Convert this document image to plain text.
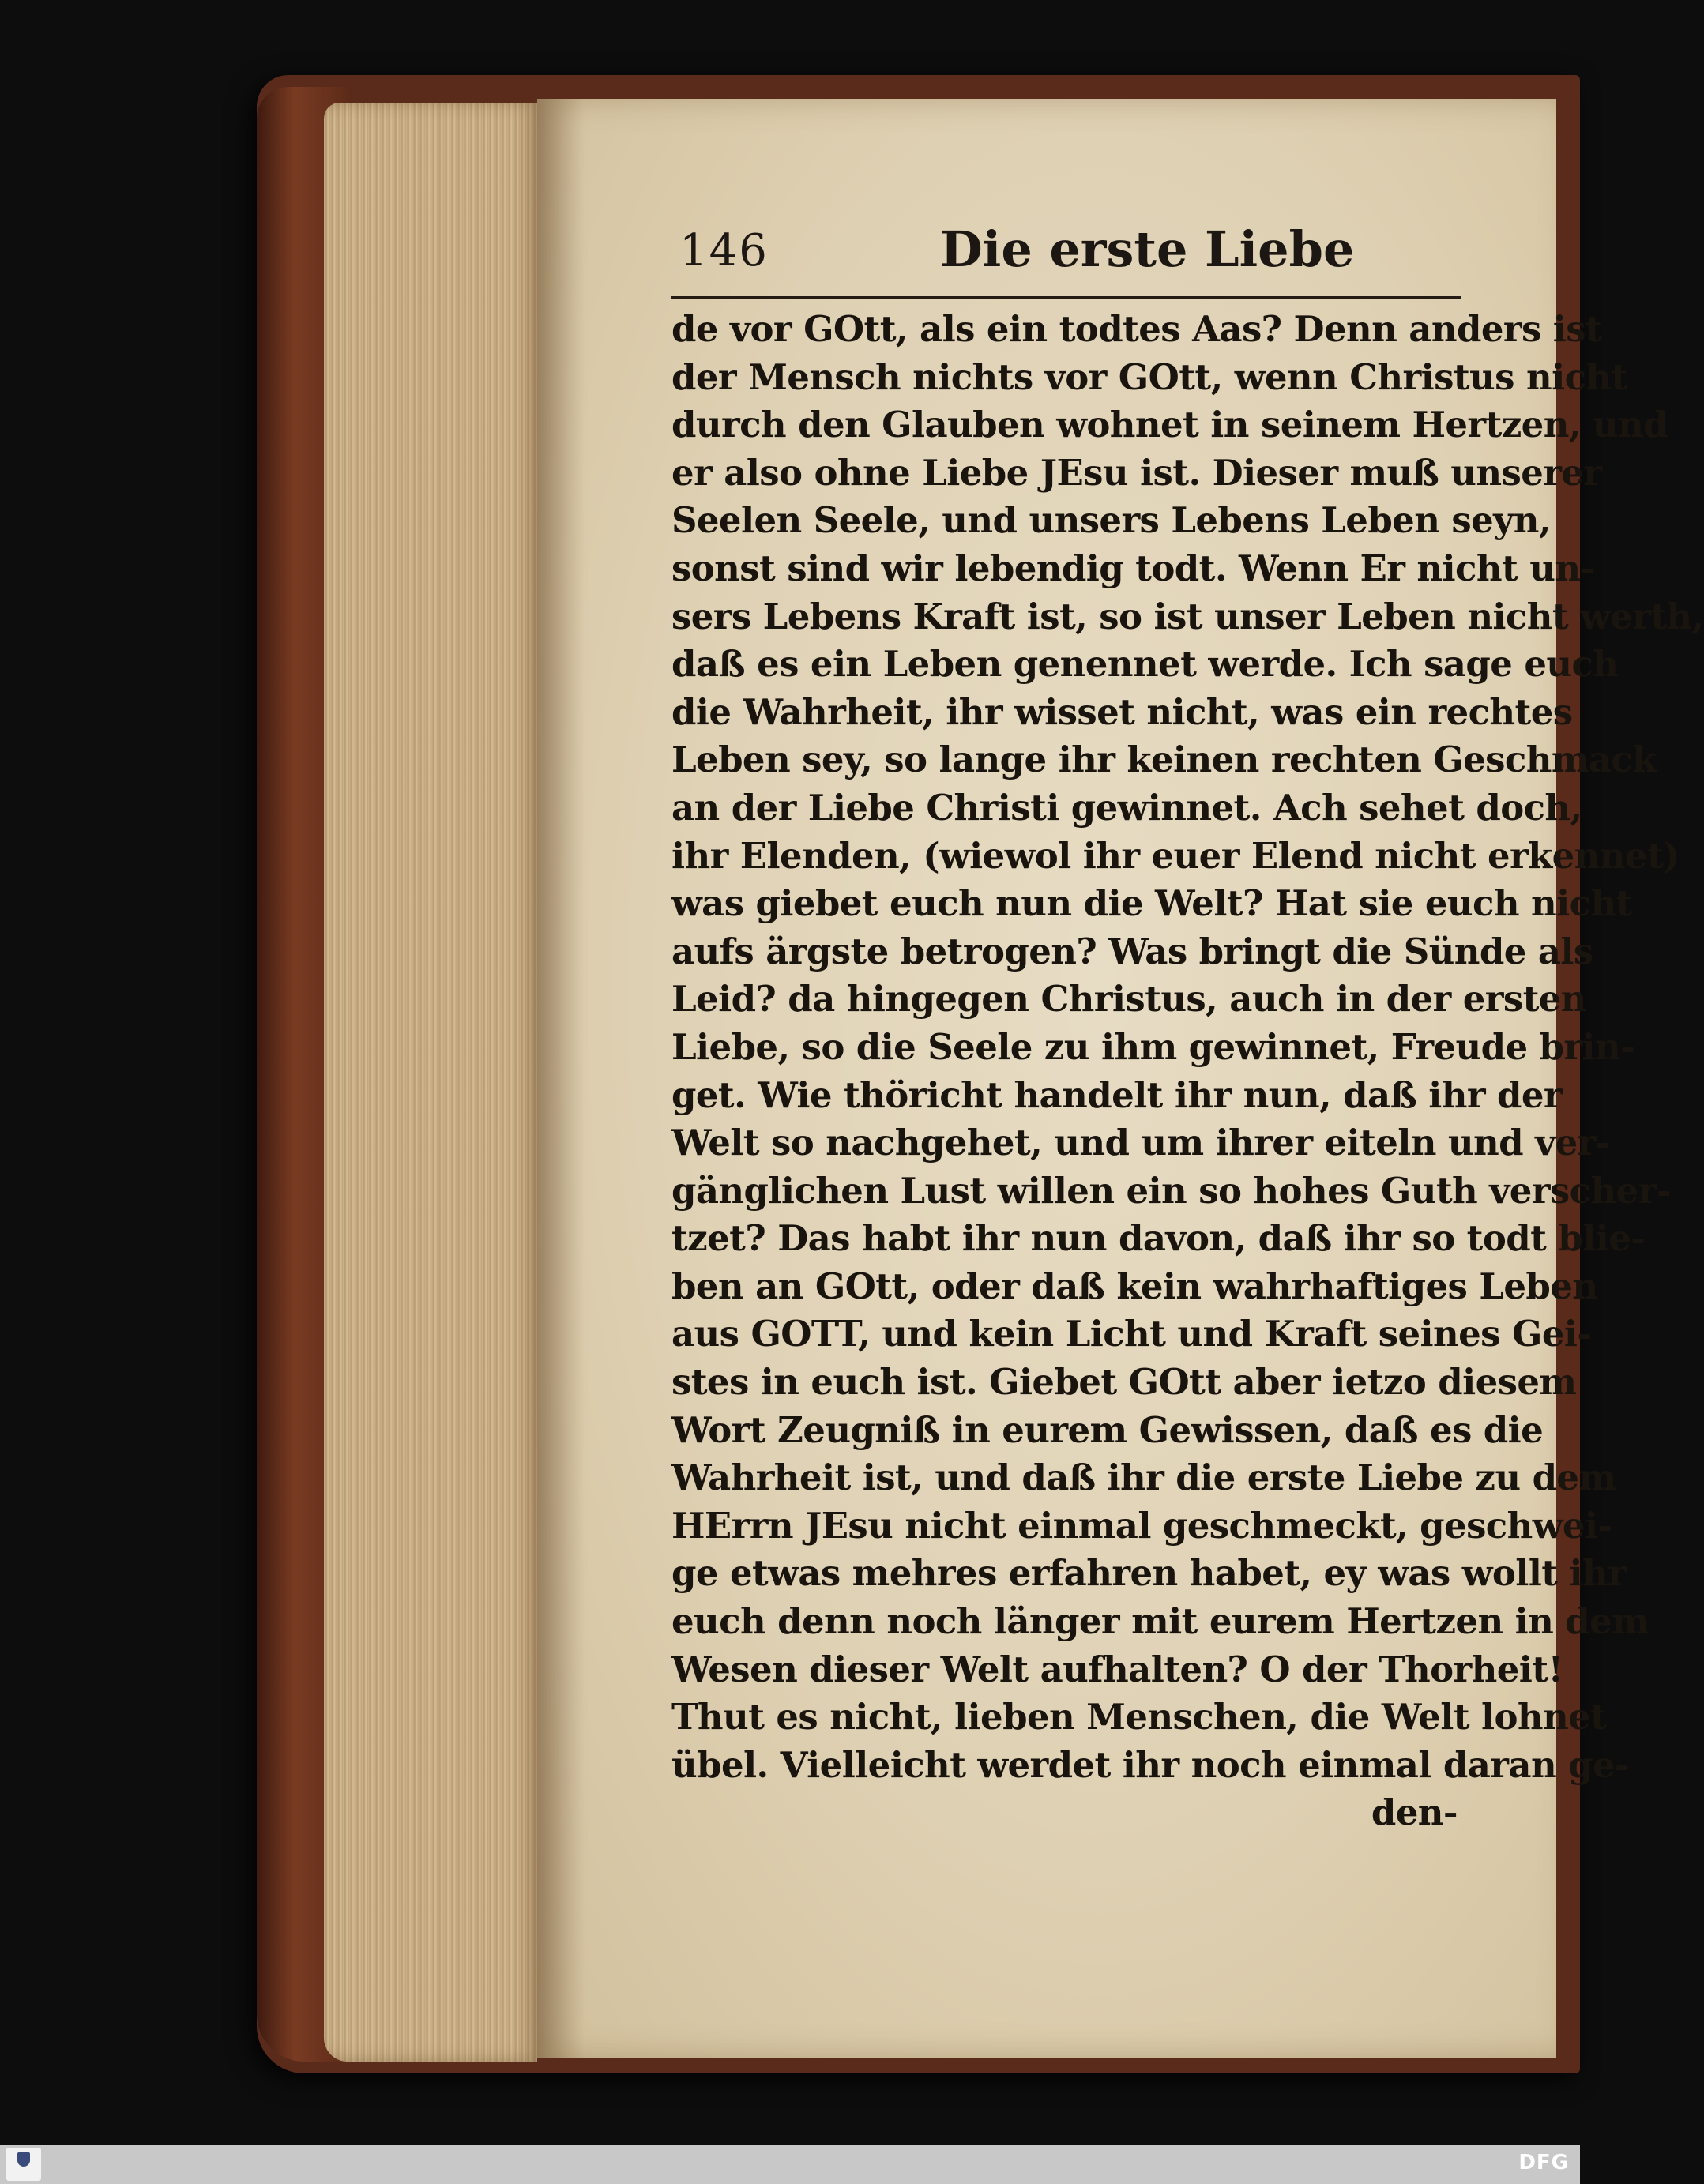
146	Die erste Liebe
de vor GOtt, als ein todtes Aas? Denn anders ist
der Mensch nichts vor GOtt, wenn Christus nicht
durch den Glauben wohnet in seinem Hertzen, und
er also ohne Liebe JEsu ist. Dieser muß unserer
Seelen Seele, und unsers Lebens Leben seyn,
sonst sind wir lebendig todt. Wenn Er nicht un-
sers Lebens Kraft ist, so ist unser Leben nicht werth,
daß es ein Leben genennet werde. Ich sage euch
die Wahrheit, ihr wisset nicht, was ein rechtes
Leben sey, so lange ihr keinen rechten Geschmack
an der Liebe Christi gewinnet. Ach sehet doch,
ihr Elenden, (wiewol ihr euer Elend nicht erkennet)
was giebet euch nun die Welt? Hat sie euch nicht
aufs ärgste betrogen? Was bringt die Sünde als
Leid? da hingegen Christus, auch in der ersten
Liebe, so die Seele zu ihm gewinnet, Freude brin-
get. Wie thöricht handelt ihr nun, daß ihr der
Welt so nachgehet, und um ihrer eiteln und ver-
gänglichen Lust willen ein so hohes Guth verscher-
tzet? Das habt ihr nun davon, daß ihr so todt blie-
ben an GOtt, oder daß kein wahrhaftiges Leben
aus GOTT, und kein Licht und Kraft seines Gei-
stes in euch ist. Giebet GOtt aber ietzo diesem
Wort Zeugniß in eurem Gewissen, daß es die
Wahrheit ist, und daß ihr die erste Liebe zu dem
HErrn JEsu nicht einmal geschmeckt, geschwei-
ge etwas mehres erfahren habet, ey was wollt ihr
euch denn noch länger mit eurem Hertzen in dem
Wesen dieser Welt aufhalten? O der Thorheit!
Thut es nicht, lieben Menschen, die Welt lohnet
übel. Vielleicht werdet ihr noch einmal daran ge-
den-
DFG
